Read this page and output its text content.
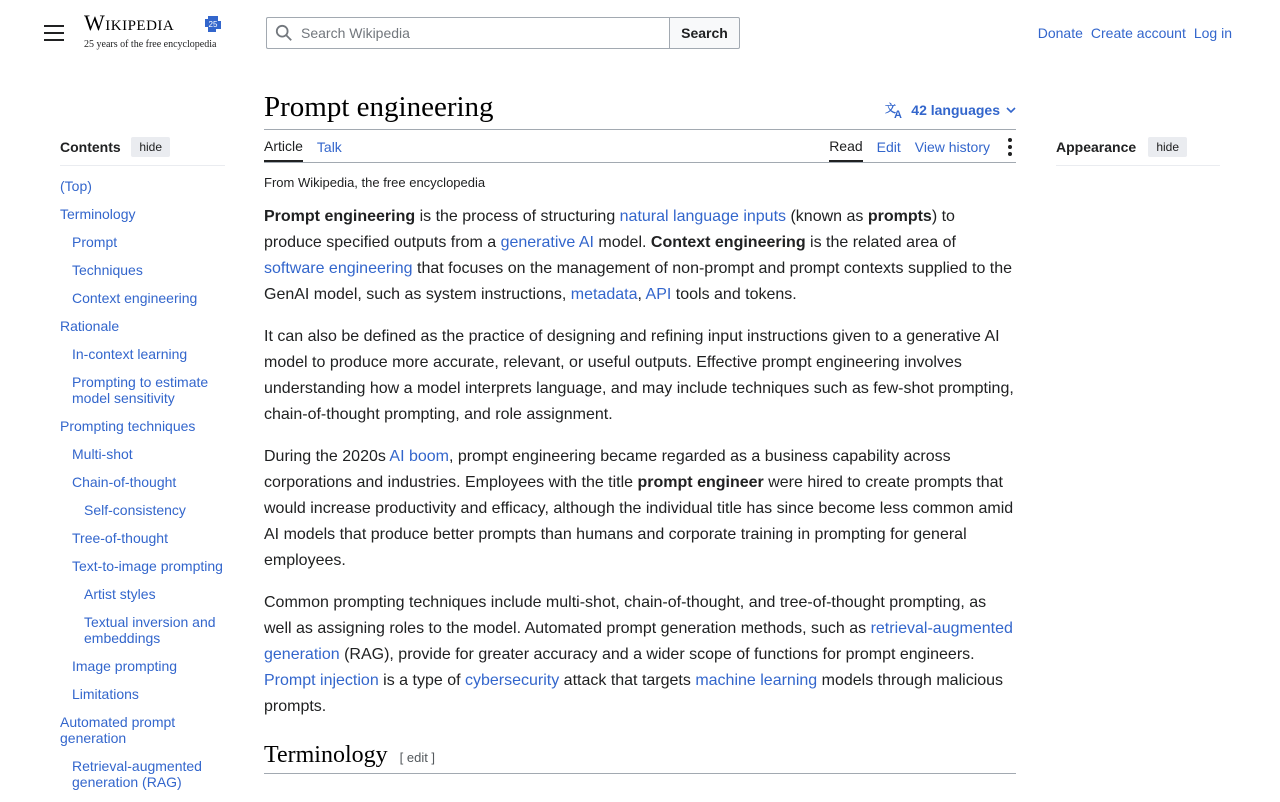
Wikipedia	25
25 years of the free encyclopedia
Search Wikipedia
Search	Donate Create account Log in
Contents	hide
(Top)
Terminology
Prompt
Techniques
Context engineering
Rationale
In-context learning
Prompting to estimate model sensitivity
Prompting techniques
Multi-shot
Chain-of-thought
Self-consistency
Tree-of-thought
Text-to-image prompting
Artist styles
Textual inversion and embeddings
Image prompting
Limitations
Automated prompt generation
Retrieval-augmented generation (RAG)
Appearance	hide
Prompt engineering	文
A 42 languages
Article Talk	Read Edit View history
From Wikipedia, the free encyclopedia

Prompt engineering is the process of structuring natural language inputs (known as prompts) to produce specified outputs from a generative AI model. Context engineering is the related area of software engineering that focuses on the management of non-prompt and prompt contexts supplied to the GenAI model, such as system instructions, metadata, API tools and tokens.

It can also be defined as the practice of designing and refining input instructions given to a generative AI model to produce more accurate, relevant, or useful outputs. Effective prompt engineering involves understanding how a model interprets language, and may include techniques such as few-shot prompting, chain-of-thought prompting, and role assignment.

During the 2020s AI boom, prompt engineering became regarded as a business capability across corporations and industries. Employees with the title prompt engineer were hired to create prompts that would increase productivity and efficacy, although the individual title has since become less common amid AI models that produce better prompts than humans and corporate training in prompting for general employees.

Common prompting techniques include multi-shot, chain-of-thought, and tree-of-thought prompting, as well as assigning roles to the model. Automated prompt generation methods, such as retrieval-augmented generation (RAG), provide for greater accuracy and a wider scope of functions for prompt engineers. Prompt injection is a type of cybersecurity attack that targets machine learning models through malicious prompts.

Terminology [ edit ]
